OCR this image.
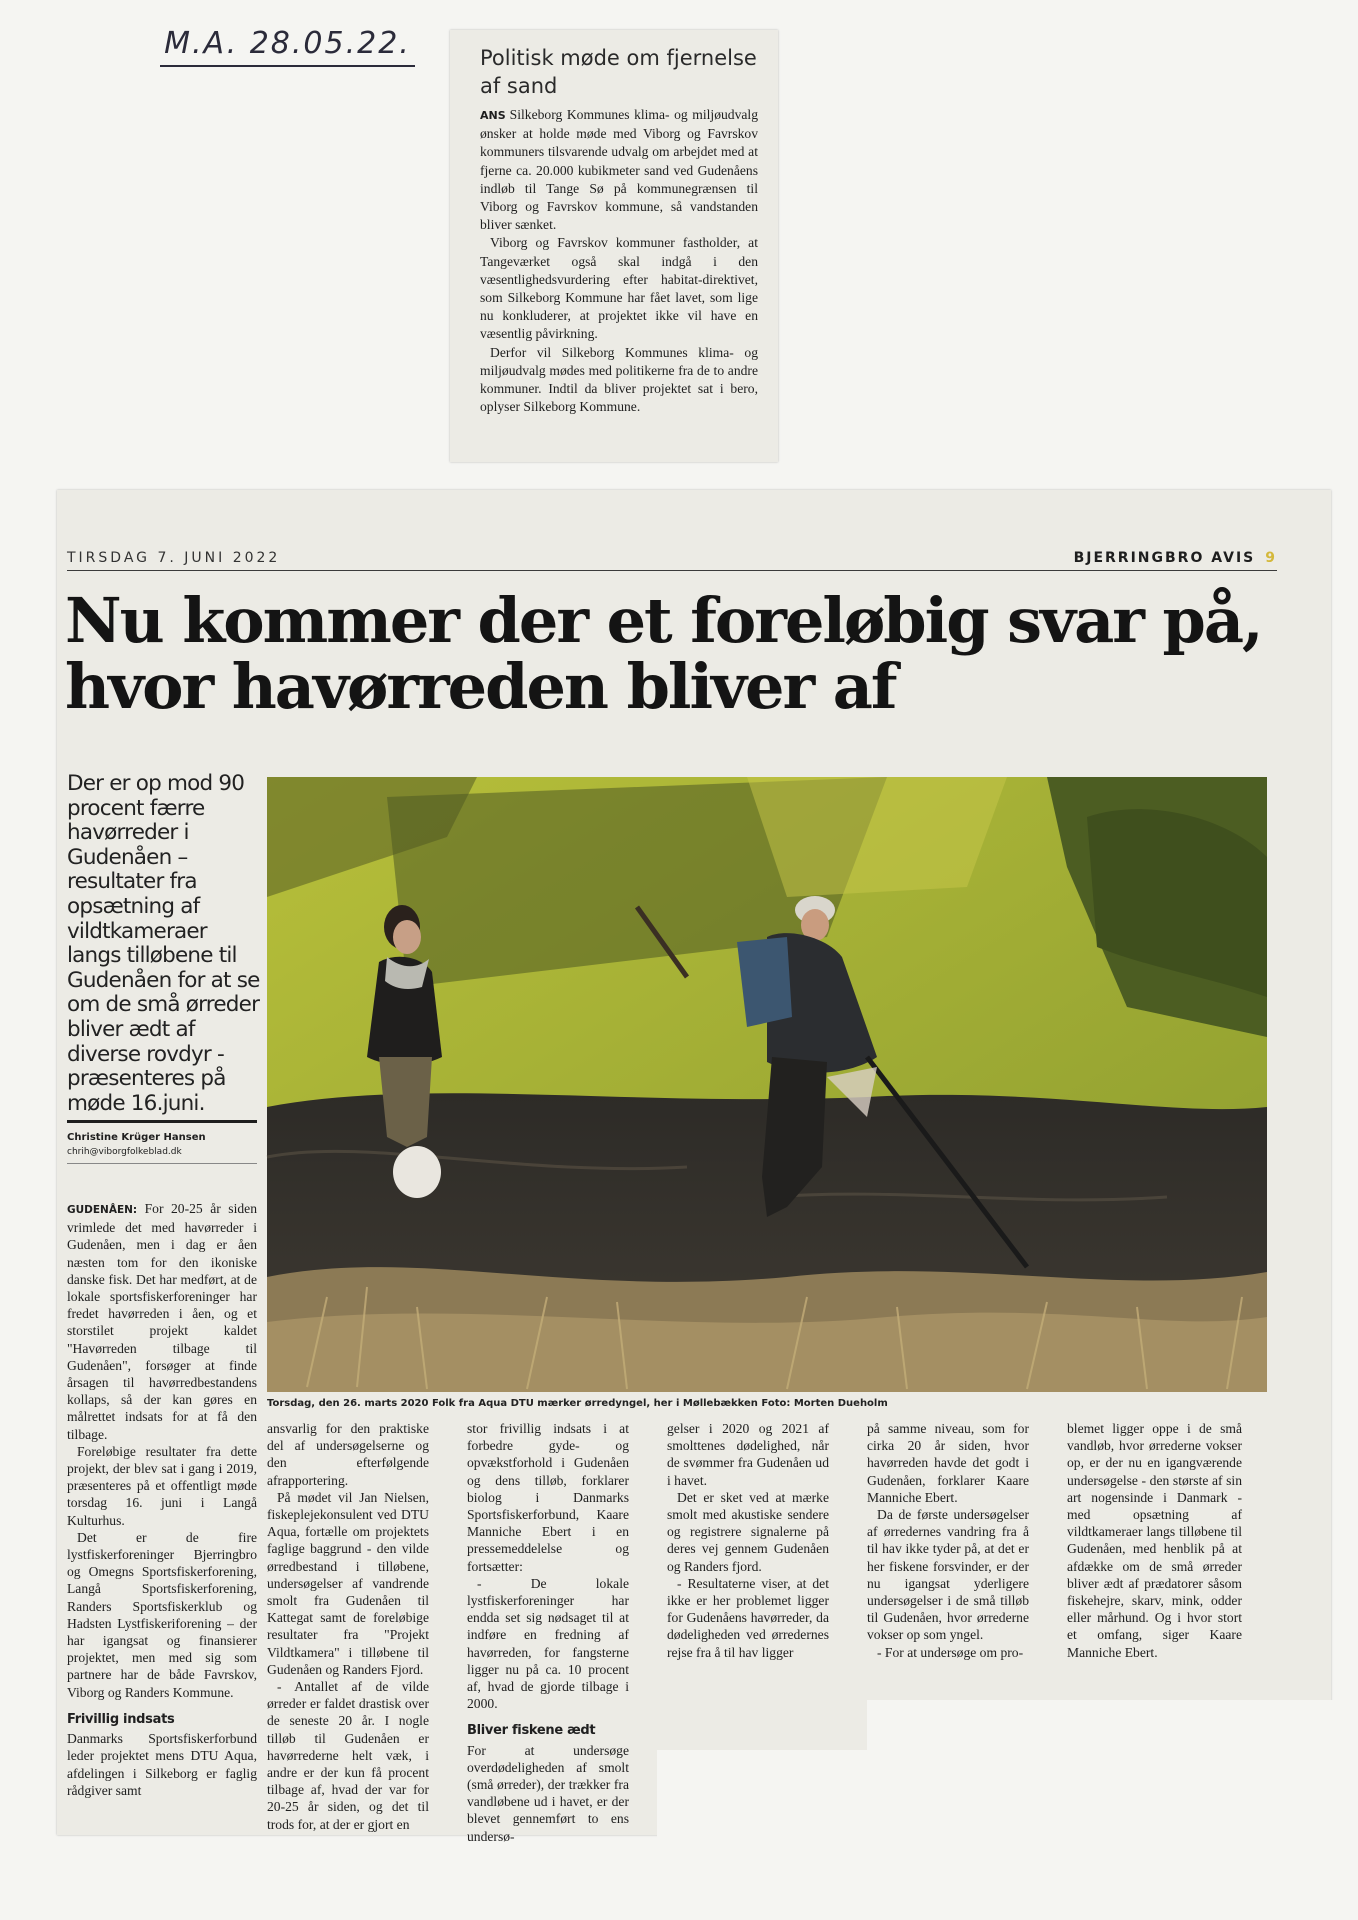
M.A. 28.05.22.	Politisk møde om fjernelse af sand

ANS Silkeborg Kommunes klima- og miljøudvalg ønsker at holde møde med Viborg og Favrskov kommuners tilsvarende udvalg om arbejdet med at fjerne ca. 20.000 kubikmeter sand ved Gudenåens indløb til Tange Sø på kommunegrænsen til Viborg og Favrskov kommune, så vandstanden bliver sænket.

Viborg og Favrskov kommuner fastholder, at Tangeværket også skal indgå i den væsentlighedsvurdering efter habitat-direktivet, som Silkeborg Kommune har fået lavet, som lige nu konkluderer, at projektet ikke vil have en væsentlig påvirkning.

Derfor vil Silkeborg Kommunes klima- og miljøudvalg mødes med politikerne fra de to andre kommuner. Indtil da bliver projektet sat i bero, oplyser Silkeborg Kommune.

TIRSDAG 7. JUNI 2022	BJERRINGBRO AVIS 9
Nu kommer der et foreløbig svar på, hvor havørreden bliver af
Der er op mod 90 procent færre havørreder i Gudenåen – resultater fra opsætning af vildtkameraer langs tilløbene til Gudenåen for at se om de små ørreder bliver ædt af diverse rovdyr - præsenteres på møde 16.juni.
Christine Krüger Hansen
chrih@viborgfolkeblad.dk
Torsdag, den 26. marts 2020 Folk fra Aqua DTU mærker ørredyngel, her i Møllebækken Foto: Morten Dueholm

GUDENÅEN: For 20-25 år siden vrimlede det med havørreder i Gudenåen, men i dag er åen næsten tom for den ikoniske danske fisk. Det har medført, at de lokale sportsfiskerforeninger har fredet havørreden i åen, og et storstilet projekt kaldet "Havørreden tilbage til Gudenåen", forsøger at finde årsagen til havørredbestandens kollaps, så der kan gøres en målrettet indsats for at få den tilbage.

Foreløbige resultater fra dette projekt, der blev sat i gang i 2019, præsenteres på et offentligt møde torsdag 16. juni i Langå Kulturhus.

Det er de fire lystfiskerforeninger Bjerringbro og Omegns Sportsfiskerforening, Langå Sportsfiskerforening, Randers Sportsfiskerklub og Hadsten Lystfiskeriforening – der har igangsat og finansierer projektet, men med sig som partnere har de både Favrskov, Viborg og Randers Kommune.

Frivillig indsats

Danmarks Sportsfiskerforbund leder projektet mens DTU Aqua, afdelingen i Silkeborg er faglig rådgiver samt

ansvarlig for den praktiske del af undersøgelserne og den efterfølgende afrapportering.

På mødet vil Jan Nielsen, fiskeplejekonsulent ved DTU Aqua, fortælle om projektets faglige baggrund - den vilde ørredbestand i tilløbene, undersøgelser af vandrende smolt fra Gudenåen til Kattegat samt de foreløbige resultater fra "Projekt Vildtkamera" i tilløbene til Gudenåen og Randers Fjord.

- Antallet af de vilde ørreder er faldet drastisk over de seneste 20 år. I nogle tilløb til Gudenåen er havørrederne helt væk, i andre er der kun få procent tilbage af, hvad der var for 20-25 år siden, og det til trods for, at der er gjort en

stor frivillig indsats i at forbedre gyde- og opvækstforhold i Gudenåen og dens tilløb, forklarer biolog i Danmarks Sportsfiskerforbund, Kaare Manniche Ebert i en pressemeddelelse og fortsætter:

- De lokale lystfiskerforeninger har endda set sig nødsaget til at indføre en fredning af havørreden, for fangsterne ligger nu på ca. 10 procent af, hvad de gjorde tilbage i 2000.

Bliver fiskene ædt

For at undersøge overdødeligheden af smolt (små ørreder), der trækker fra vandløbene ud i havet, er der blevet gennemført to ens undersø-

gelser i 2020 og 2021 af smolttenes dødelighed, når de svømmer fra Gudenåen ud i havet.

Det er sket ved at mærke smolt med akustiske sendere og registrere signalerne på deres vej gennem Gudenåen og Randers fjord.

- Resultaterne viser, at det ikke er her problemet ligger for Gudenåens havørreder, da dødeligheden ved ørredernes rejse fra å til hav ligger

på samme niveau, som for cirka 20 år siden, hvor havørreden havde det godt i Gudenåen, forklarer Kaare Manniche Ebert.

Da de første undersøgelser af ørredernes vandring fra å til hav ikke tyder på, at det er her fiskene forsvinder, er der nu igangsat yderligere undersøgelser i de små tilløb til Gudenåen, hvor ørrederne vokser op som yngel.

- For at undersøge om pro-

blemet ligger oppe i de små vandløb, hvor ørrederne vokser op, er der nu en igangværende undersøgelse - den største af sin art nogensinde i Danmark - med opsætning af vildtkameraer langs tilløbene til Gudenåen, med henblik på at afdække om de små ørreder bliver ædt af prædatorer såsom fiskehejre, skarv, mink, odder eller mårhund. Og i hvor stort et omfang, siger Kaare Manniche Ebert.
